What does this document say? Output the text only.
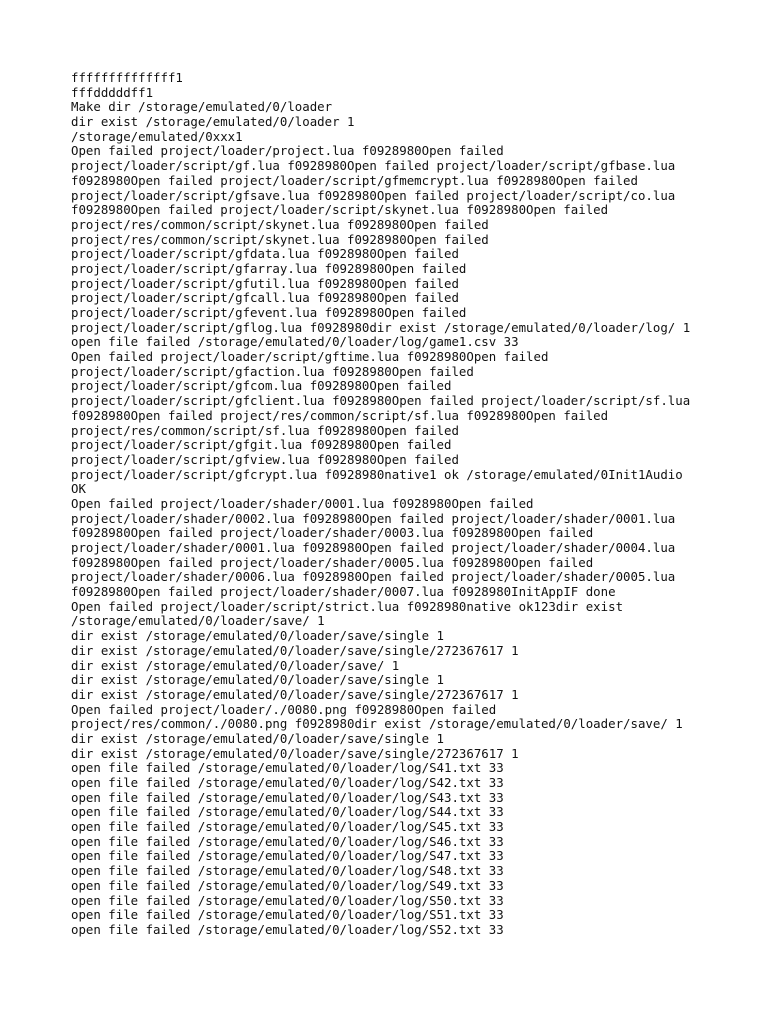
ffffffffffffff1
fffdddddff1
Make dir /storage/emulated/0/loader
dir exist /storage/emulated/0/loader 1
/storage/emulated/0xxx1
Open failed project/loader/project.lua f0928980Open failed
project/loader/script/gf.lua f0928980Open failed project/loader/script/gfbase.lua
f0928980Open failed project/loader/script/gfmemcrypt.lua f0928980Open failed
project/loader/script/gfsave.lua f0928980Open failed project/loader/script/co.lua
f0928980Open failed project/loader/script/skynet.lua f0928980Open failed
project/res/common/script/skynet.lua f0928980Open failed
project/res/common/script/skynet.lua f0928980Open failed
project/loader/script/gfdata.lua f0928980Open failed
project/loader/script/gfarray.lua f0928980Open failed
project/loader/script/gfutil.lua f0928980Open failed
project/loader/script/gfcall.lua f0928980Open failed
project/loader/script/gfevent.lua f0928980Open failed
project/loader/script/gflog.lua f0928980dir exist /storage/emulated/0/loader/log/ 1
open file failed /storage/emulated/0/loader/log/game1.csv 33
Open failed project/loader/script/gftime.lua f0928980Open failed
project/loader/script/gfaction.lua f0928980Open failed
project/loader/script/gfcom.lua f0928980Open failed
project/loader/script/gfclient.lua f0928980Open failed project/loader/script/sf.lua
f0928980Open failed project/res/common/script/sf.lua f0928980Open failed
project/res/common/script/sf.lua f0928980Open failed
project/loader/script/gfgit.lua f0928980Open failed
project/loader/script/gfview.lua f0928980Open failed
project/loader/script/gfcrypt.lua f0928980native1 ok /storage/emulated/0Init1Audio
OK
Open failed project/loader/shader/0001.lua f0928980Open failed
project/loader/shader/0002.lua f0928980Open failed project/loader/shader/0001.lua
f0928980Open failed project/loader/shader/0003.lua f0928980Open failed
project/loader/shader/0001.lua f0928980Open failed project/loader/shader/0004.lua
f0928980Open failed project/loader/shader/0005.lua f0928980Open failed
project/loader/shader/0006.lua f0928980Open failed project/loader/shader/0005.lua
f0928980Open failed project/loader/shader/0007.lua f0928980InitAppIF done
Open failed project/loader/script/strict.lua f0928980native ok123dir exist
/storage/emulated/0/loader/save/ 1
dir exist /storage/emulated/0/loader/save/single 1
dir exist /storage/emulated/0/loader/save/single/272367617 1
dir exist /storage/emulated/0/loader/save/ 1
dir exist /storage/emulated/0/loader/save/single 1
dir exist /storage/emulated/0/loader/save/single/272367617 1
Open failed project/loader/./0080.png f0928980Open failed
project/res/common/./0080.png f0928980dir exist /storage/emulated/0/loader/save/ 1
dir exist /storage/emulated/0/loader/save/single 1
dir exist /storage/emulated/0/loader/save/single/272367617 1
open file failed /storage/emulated/0/loader/log/S41.txt 33
open file failed /storage/emulated/0/loader/log/S42.txt 33
open file failed /storage/emulated/0/loader/log/S43.txt 33
open file failed /storage/emulated/0/loader/log/S44.txt 33
open file failed /storage/emulated/0/loader/log/S45.txt 33
open file failed /storage/emulated/0/loader/log/S46.txt 33
open file failed /storage/emulated/0/loader/log/S47.txt 33
open file failed /storage/emulated/0/loader/log/S48.txt 33
open file failed /storage/emulated/0/loader/log/S49.txt 33
open file failed /storage/emulated/0/loader/log/S50.txt 33
open file failed /storage/emulated/0/loader/log/S51.txt 33
open file failed /storage/emulated/0/loader/log/S52.txt 33
